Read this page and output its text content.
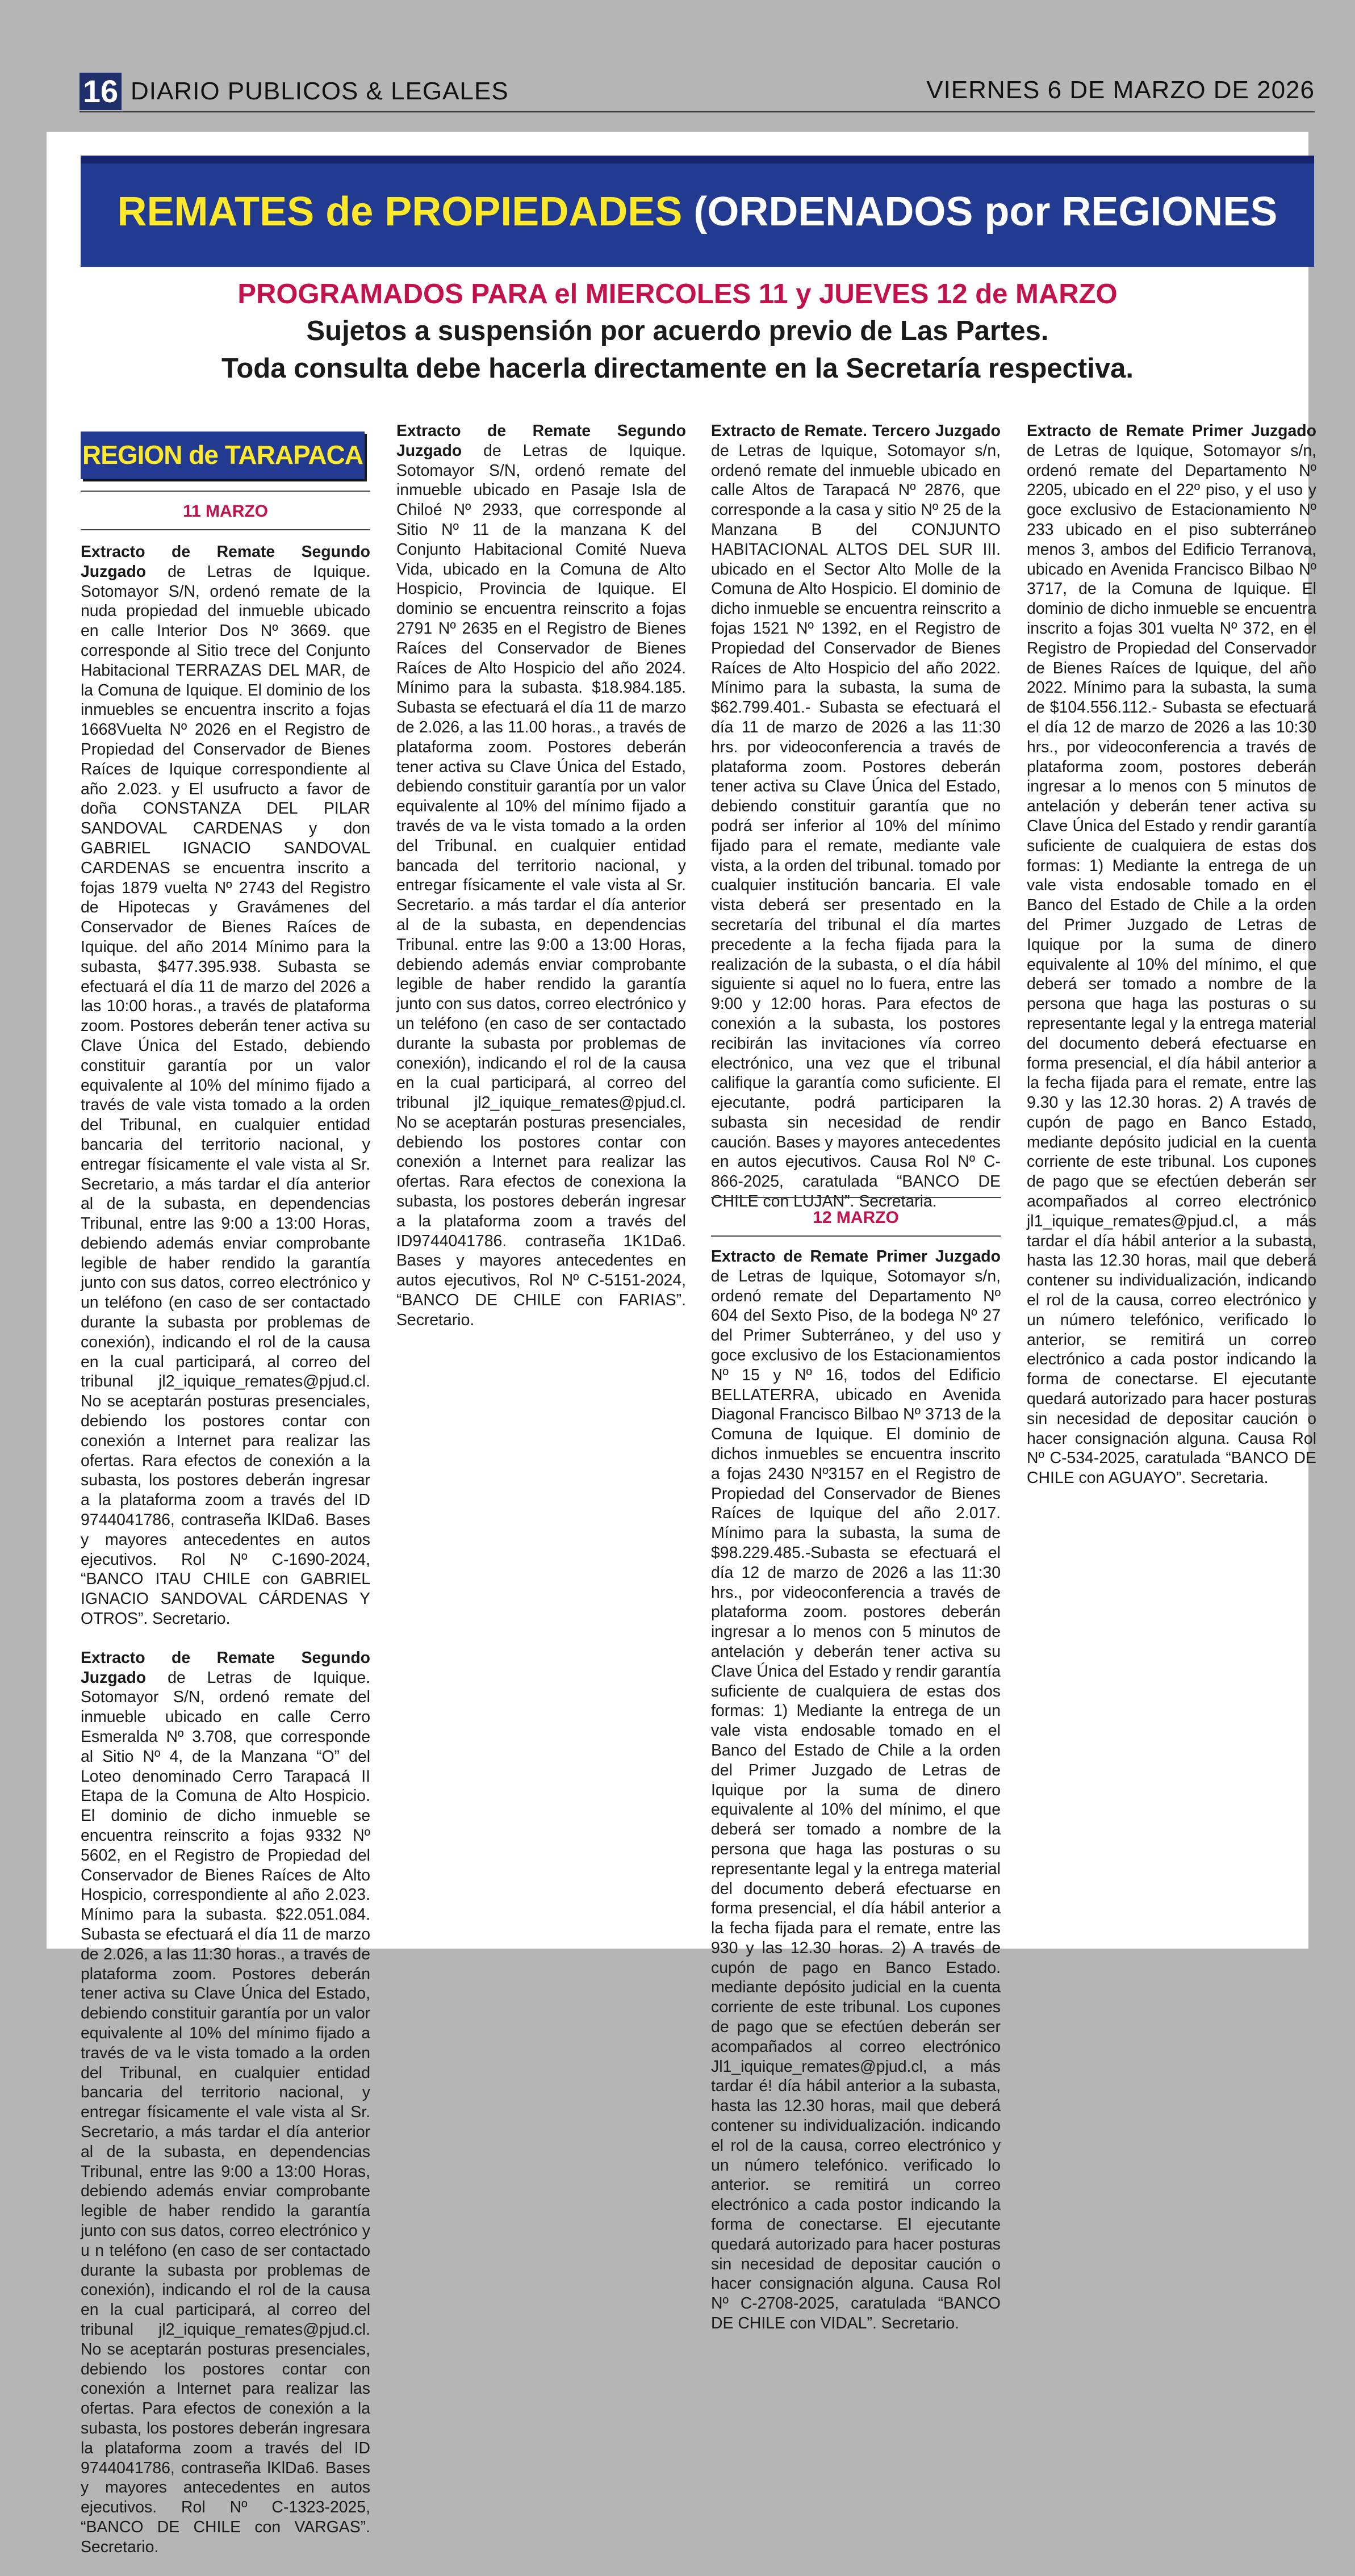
16 DIARIO PUBLICOS & LEGALES	VIERNES 6 DE MARZO DE 2026
REMATES de PROPIEDADES (ORDENADOS por REGIONES
PROGRAMADOS PARA el MIERCOLES 11 y JUEVES 12 de MARZO
Sujetos a suspensión por acuerdo previo de Las Partes.
Toda consulta debe hacerla directamente en la Secretaría respectiva.
REGION de TARAPACA
11 MARZO

Extracto de Remate Segundo Juzgado de Letras de Iquique. Sotomayor S/N, ordenó remate de la nuda propiedad del inmueble ubicado en calle Interior Dos Nº 3669. que corresponde al Sitio trece del Conjunto Habitacional TERRAZAS DEL MAR, de la Comuna de Iquique. El dominio de los inmuebles se encuentra inscrito a fojas 1668Vuelta Nº 2026 en el Registro de Propiedad del Conservador de Bienes Raíces de Iquique correspondiente al año 2.023. y El usufructo a favor de doña CONSTANZA DEL PILAR SANDOVAL CARDENAS y don GABRIEL IGNACIO SANDOVAL CARDENAS se encuentra inscrito a fojas 1879 vuelta Nº 2743 del Registro de Hipotecas y Gravámenes del Conservador de Bienes Raíces de Iquique. del año 2014 Mínimo para la subasta, $477.395.938. Subasta se efectuará el día 11 de marzo del 2026 a las 10:00 horas., a través de plataforma zoom. Postores deberán tener activa su Clave Única del Estado, debiendo constituir garantía por un valor equivalente al 10% del mínimo fijado a través de vale vista tomado a la orden del Tribunal, en cualquier entidad bancaria del territorio nacional, y entregar físicamente el vale vista al Sr. Secretario, a más tardar el día anterior al de la subasta, en dependencias Tribunal, entre las 9:00 a 13:00 Horas, debiendo además enviar comprobante legible de haber rendido la garantía junto con sus datos, correo electrónico y un teléfono (en caso de ser contactado durante la subasta por problemas de conexión), indicando el rol de la causa en la cual participará, al correo del tribunal jl2_iquique_remates@pjud.cl. No se aceptarán posturas presenciales, debiendo los postores contar con conexión a Internet para realizar las ofertas. Rara efectos de conexión a la subasta, los postores deberán ingresar a la plataforma zoom a través del ID 9744041786, contraseña lKlDa6. Bases y mayores antecedentes en autos ejecutivos. Rol Nº C-1690-2024, “BANCO ITAU CHILE con GABRIEL IGNACIO SANDOVAL CÁRDENAS Y OTROS”. Secretario.

Extracto de Remate Segundo Juzgado de Letras de Iquique. Sotomayor S/N, ordenó remate del inmueble ubicado en calle Cerro Esmeralda Nº 3.708, que corresponde al Sitio Nº 4, de la Manzana “O” del Loteo denominado Cerro Tarapacá II Etapa de la Comuna de Alto Hospicio. El dominio de dicho inmueble se encuentra reinscrito a fojas 9332 Nº 5602, en el Registro de Propiedad del Conservador de Bienes Raíces de Alto Hospicio, correspondiente al año 2.023. Mínimo para la subasta. $22.051.084. Subasta se efectuará el día 11 de marzo de 2.026, a las 11:30 horas., a través de plataforma zoom. Postores deberán tener activa su Clave Única del Estado, debiendo constituir garantía por un valor equivalente al 10% del mínimo fijado a través de va le vista tomado a la orden del Tribunal, en cualquier entidad bancaria del territorio nacional, y entregar físicamente el vale vista al Sr. Secretario, a más tardar el día anterior al de la subasta, en dependencias Tribunal, entre las 9:00 a 13:00 Horas, debiendo además enviar comprobante legible de haber rendido la garantía junto con sus datos, correo electrónico y u n teléfono (en caso de ser contactado durante la subasta por problemas de conexión), indicando el rol de la causa en la cual participará, al correo del tribunal jl2_iquique_remates@pjud.cl. No se aceptarán posturas presenciales, debiendo los postores contar con conexión a Internet para realizar las ofertas. Para efectos de conexión a la subasta, los postores deberán ingresara la plataforma zoom a través del ID 9744041786, contraseña lKlDa6. Bases y mayores antecedentes en autos ejecutivos. Rol Nº C-1323-2025, “BANCO DE CHILE con VARGAS”. Secretario.

Extracto de Remate Segundo Juzgado de Letras de Iquique. Sotomayor S/N, ordenó remate del inmueble ubicado en Pasaje Isla de Chiloé Nº 2933, que corresponde al Sitio Nº 11 de la manzana K del Conjunto Habitacional Comité Nueva Vida, ubicado en la Comuna de Alto Hospicio, Provincia de Iquique. El dominio se encuentra reinscrito a fojas 2791 Nº 2635 en el Registro de Bienes Raíces del Conservador de Bienes Raíces de Alto Hospicio del año 2024. Mínimo para la subasta. $18.984.185. Subasta se efectuará el día 11 de marzo de 2.026, a las 11.00 horas., a través de plataforma zoom. Postores deberán tener activa su Clave Única del Estado, debiendo constituir garantía por un valor equivalente al 10% del mínimo fijado a través de va le vista tomado a la orden del Tribunal. en cualquier entidad bancada del territorio nacional, y entregar físicamente el vale vista al Sr. Secretario. a más tardar el día anterior al de la subasta, en dependencias Tribunal. entre las 9:00 a 13:00 Horas, debiendo además enviar comprobante legible de haber rendido la garantía junto con sus datos, correo electrónico y un teléfono (en caso de ser contactado durante la subasta por problemas de conexión), indicando el rol de la causa en la cual participará, al correo del tribunal jl2_iquique_remates@pjud.cl. No se aceptarán posturas presenciales, debiendo los postores contar con conexión a Internet para realizar las ofertas. Rara efectos de conexiona la subasta, los postores deberán ingresar a la plataforma zoom a través del ID9744041786. contraseña 1K1Da6. Bases y mayores antecedentes en autos ejecutivos, Rol Nº C-5151-2024, “BANCO DE CHILE con FARIAS”. Secretario.

Extracto de Remate. Tercero Juzgado de Letras de Iquique, Sotomayor s/n, ordenó remate del inmueble ubicado en calle Altos de Tarapacá Nº 2876, que corresponde a la casa y sitio Nº 25 de la Manzana B del CONJUNTO HABITACIONAL ALTOS DEL SUR III. ubicado en el Sector Alto Molle de la Comuna de Alto Hospicio. El dominio de dicho inmueble se encuentra reinscrito a fojas 1521 Nº 1392, en el Registro de Propiedad del Conservador de Bienes Raíces de Alto Hospicio del año 2022. Mínimo para la subasta, la suma de $62.799.401.- Subasta se efectuará el día 11 de marzo de 2026 a las 11:30 hrs. por videoconferencia a través de plataforma zoom. Postores deberán tener activa su Clave Única del Estado, debiendo constituir garantía que no podrá ser inferior al 10% del mínimo fijado para el remate, mediante vale vista, a la orden del tribunal. tomado por cualquier institución bancaria. El vale vista deberá ser presentado en la secretaría del tribunal el día martes precedente a la fecha fijada para la realización de la subasta, o el día hábil siguiente si aquel no lo fuera, entre las 9:00 y 12:00 horas. Para efectos de conexión a la subasta, los postores recibirán las invitaciones vía correo electrónico, una vez que el tribunal califique la garantía como suficiente. El ejecutante, podrá participaren la subasta sin necesidad de rendir caución. Bases y mayores antecedentes en autos ejecutivos. Causa Rol Nº C-866-2025, caratulada “BANCO DE CHILE con LUJAN”. Secretaria.

12 MARZO

Extracto de Remate Primer Juzgado de Letras de Iquique, Sotomayor s/n, ordenó remate del Departamento Nº 604 del Sexto Piso, de la bodega Nº 27 del Primer Subterráneo, y del uso y goce exclusivo de los Estacionamientos Nº 15 y Nº 16, todos del Edificio BELLATERRA, ubicado en Avenida Diagonal Francisco Bilbao Nº 3713 de la Comuna de Iquique. El dominio de dichos inmuebles se encuentra inscrito a fojas 2430 Nº3157 en el Registro de Propiedad del Conservador de Bienes Raíces de Iquique del año 2.017. Mínimo para la subasta, la suma de $98.229.485.-Subasta se efectuará el día 12 de marzo de 2026 a las 11:30 hrs., por videoconferencia a través de plataforma zoom. postores deberán ingresar a lo menos con 5 minutos de antelación y deberán tener activa su Clave Única del Estado y rendir garantía suficiente de cualquiera de estas dos formas: 1) Mediante la entrega de un vale vista endosable tomado en el Banco del Estado de Chile a la orden del Primer Juzgado de Letras de Iquique por la suma de dinero equivalente al 10% del mínimo, el que deberá ser tomado a nombre de la persona que haga las posturas o su representante legal y la entrega material del documento deberá efectuarse en forma presencial, el día hábil anterior a la fecha fijada para el remate, entre las 930 y las 12.30 horas. 2) A través de cupón de pago en Banco Estado. mediante depósito judicial en la cuenta corriente de este tribunal. Los cupones de pago que se efectúen deberán ser acompañados al correo electrónico Jl1_iquique_remates@pjud.cl, a más tardar é! día hábil anterior a la subasta, hasta las 12.30 horas, mail que deberá contener su individualización. indicando el rol de la causa, correo electrónico y un número telefónico. verificado lo anterior. se remitirá un correo electrónico a cada postor indicando la forma de conectarse. El ejecutante quedará autorizado para hacer posturas sin necesidad de depositar caución o hacer consignación alguna. Causa Rol Nº C-2708-2025, caratulada “BANCO DE CHILE con VIDAL”. Secretario.

Extracto de Remate Primer Juzgado de Letras de Iquique, Sotomayor s/n, ordenó remate del Departamento Nº 2205, ubicado en el 22º piso, y el uso y goce exclusivo de Estacionamiento Nº 233 ubicado en el piso subterráneo menos 3, ambos del Edificio Terranova, ubicado en Avenida Francisco Bilbao Nº 3717, de la Comuna de Iquique. El dominio de dicho inmueble se encuentra inscrito a fojas 301 vuelta Nº 372, en el Registro de Propiedad del Conservador de Bienes Raíces de Iquique, del año 2022. Mínimo para la subasta, la suma de $104.556.112.- Subasta se efectuará el día 12 de marzo de 2026 a las 10:30 hrs., por videoconferencia a través de plataforma zoom, postores deberán ingresar a lo menos con 5 minutos de antelación y deberán tener activa su Clave Única del Estado y rendir garantía suficiente de cualquiera de estas dos formas: 1) Mediante la entrega de un vale vista endosable tomado en el Banco del Estado de Chile a la orden del Primer Juzgado de Letras de Iquique por la suma de dinero equivalente al 10% del mínimo, el que deberá ser tomado a nombre de la persona que haga las posturas o su representante legal y la entrega material del documento deberá efectuarse en forma presencial, el día hábil anterior a la fecha fijada para el remate, entre las 9.30 y las 12.30 horas. 2) A través de cupón de pago en Banco Estado, mediante depósito judicial en la cuenta corriente de este tribunal. Los cupones de pago que se efectúen deberán ser acompañados al correo electrónico jl1_iquique_remates@pjud.cl, a más tardar el día hábil anterior a la subasta, hasta las 12.30 horas, mail que deberá contener su individualización, indicando el rol de la causa, correo electrónico y un número telefónico, verificado lo anterior, se remitirá un correo electrónico a cada postor indicando la forma de conectarse. El ejecutante quedará autorizado para hacer posturas sin necesidad de depositar caución o hacer consignación alguna. Causa Rol Nº C-534-2025, caratulada “BANCO DE CHILE con AGUAYO”. Secretaria.
